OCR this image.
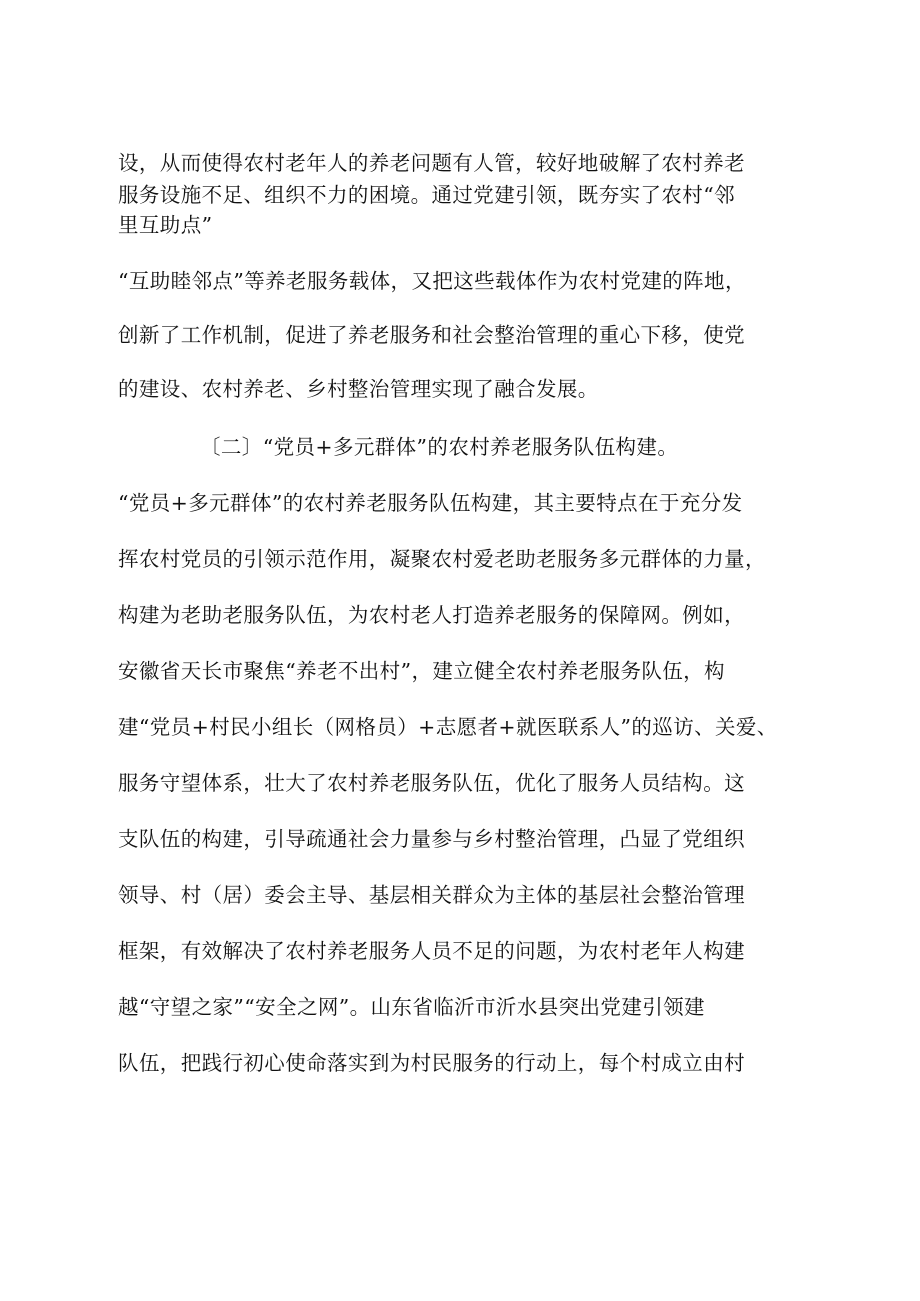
设，从而使得农村老年人的养老问题有人管，较好地破解了农村养老
服务设施不足、组织不力的困境。通过党建引领，既夯实了农村“邻
里互助点”
“互助睦邻点”等养老服务载体，又把这些载体作为农村党建的阵地，
创新了工作机制，促进了养老服务和社会整治管理的重心下移，使党
的建设、农村养老、乡村整治管理实现了融合发展。
〔二〕“党员+多元群体”的农村养老服务队伍构建。
“党员+多元群体”的农村养老服务队伍构建，其主要特点在于充分发
挥农村党员的引领示范作用，凝聚农村爱老助老服务多元群体的力量，
构建为老助老服务队伍，为农村老人打造养老服务的保障网。例如，
安徽省天长市聚焦“养老不出村”，建立健全农村养老服务队伍，构
建“党员+村民小组长（网格员）+志愿者+就医联系人”的巡访、关爱、
服务守望体系，壮大了农村养老服务队伍，优化了服务人员结构。这
支队伍的构建，引导疏通社会力量参与乡村整治管理，凸显了党组织
领导、村（居）委会主导、基层相关群众为主体的基层社会整治管理
框架，有效解决了农村养老服务人员不足的问题，为农村老年人构建
越“守望之家”“安全之网”。山东省临沂市沂水县突出党建引领建
队伍，把践行初心使命落实到为村民服务的行动上，每个村成立由村
